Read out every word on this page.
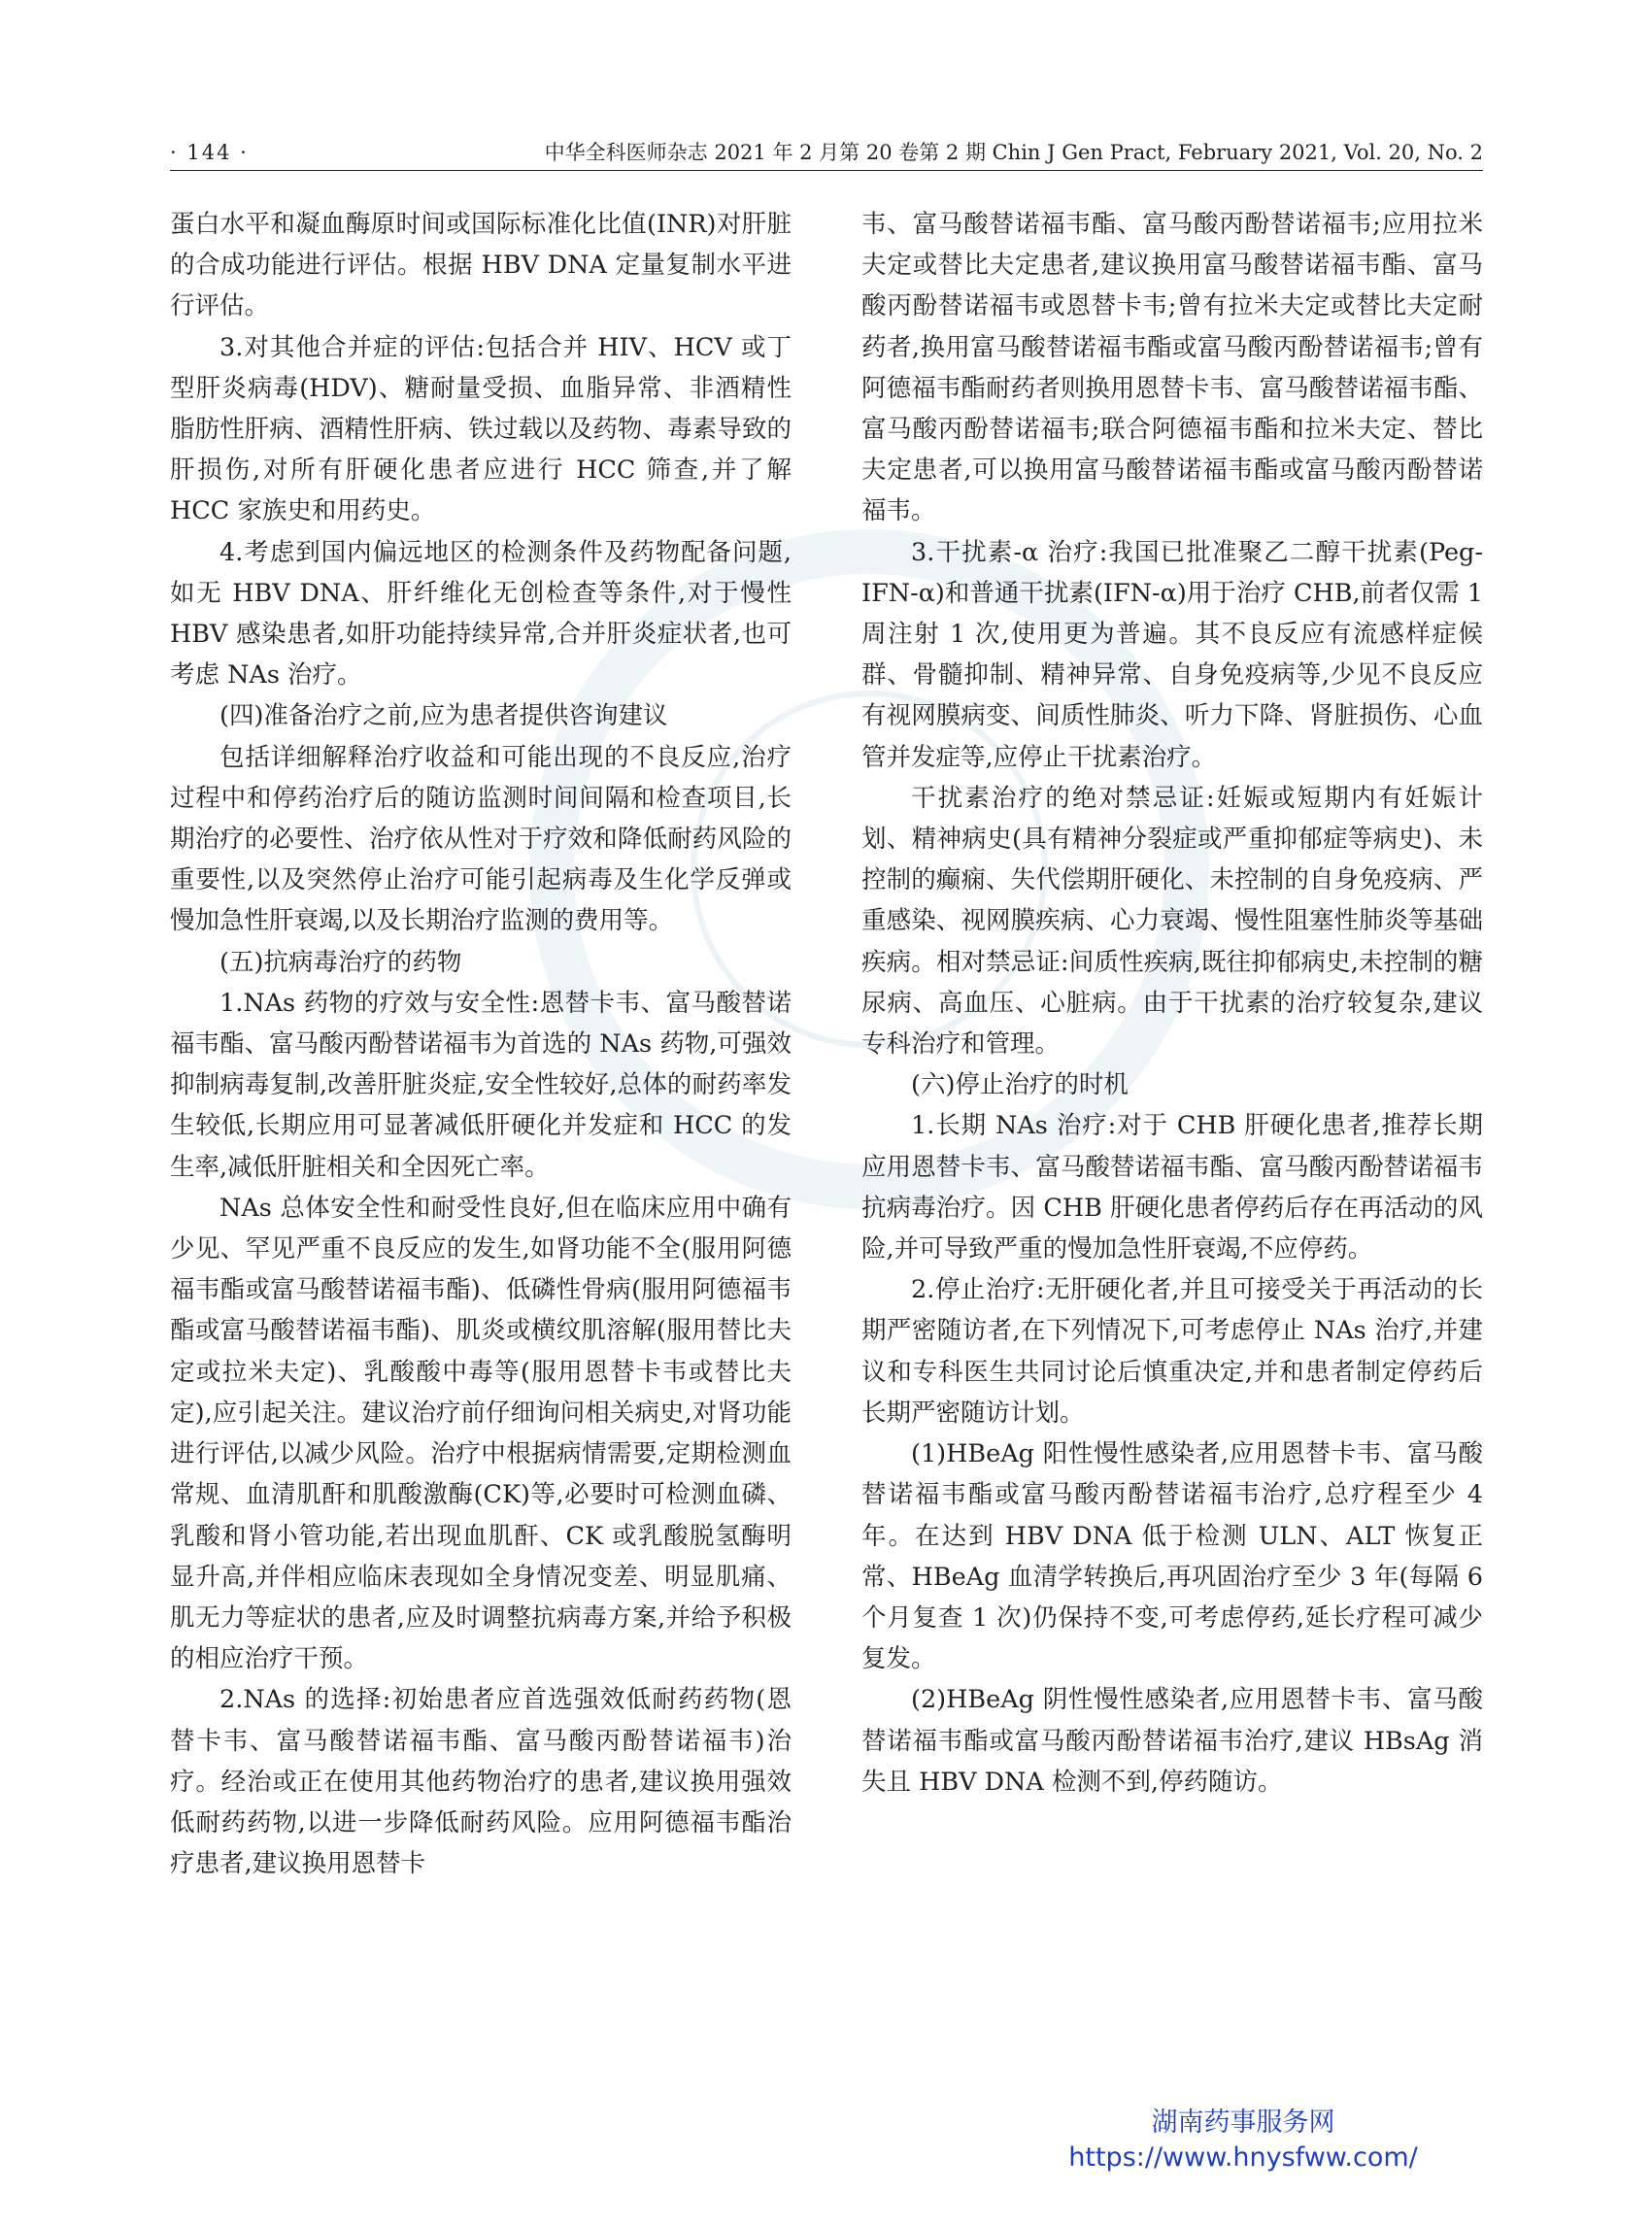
· 144 ·	中华全科医师杂志 2021 年 2 月第 20 卷第 2 期 Chin J Gen Pract, February 2021, Vol. 20, No. 2

蛋白水平和凝血酶原时间或国际标准化比值(INR)对肝脏的合成功能进行评估。根据 HBV DNA 定量复制水平进行评估。

3.对其他合并症的评估:包括合并 HIV、HCV 或丁型肝炎病毒(HDV)、糖耐量受损、血脂异常、非酒精性脂肪性肝病、酒精性肝病、铁过载以及药物、毒素导致的肝损伤,对所有肝硬化患者应进行 HCC 筛查,并了解 HCC 家族史和用药史。

4.考虑到国内偏远地区的检测条件及药物配备问题,如无 HBV DNA、肝纤维化无创检查等条件,对于慢性 HBV 感染患者,如肝功能持续异常,合并肝炎症状者,也可考虑 NAs 治疗。

(四)准备治疗之前,应为患者提供咨询建议

包括详细解释治疗收益和可能出现的不良反应,治疗过程中和停药治疗后的随访监测时间间隔和检查项目,长期治疗的必要性、治疗依从性对于疗效和降低耐药风险的重要性,以及突然停止治疗可能引起病毒及生化学反弹或慢加急性肝衰竭,以及长期治疗监测的费用等。

(五)抗病毒治疗的药物

1.NAs 药物的疗效与安全性:恩替卡韦、富马酸替诺福韦酯、富马酸丙酚替诺福韦为首选的 NAs 药物,可强效抑制病毒复制,改善肝脏炎症,安全性较好,总体的耐药率发生较低,长期应用可显著减低肝硬化并发症和 HCC 的发生率,减低肝脏相关和全因死亡率。

NAs 总体安全性和耐受性良好,但在临床应用中确有少见、罕见严重不良反应的发生,如肾功能不全(服用阿德福韦酯或富马酸替诺福韦酯)、低磷性骨病(服用阿德福韦酯或富马酸替诺福韦酯)、肌炎或横纹肌溶解(服用替比夫定或拉米夫定)、乳酸酸中毒等(服用恩替卡韦或替比夫定),应引起关注。建议治疗前仔细询问相关病史,对肾功能进行评估,以减少风险。治疗中根据病情需要,定期检测血常规、血清肌酐和肌酸激酶(CK)等,必要时可检测血磷、乳酸和肾小管功能,若出现血肌酐、CK 或乳酸脱氢酶明显升高,并伴相应临床表现如全身情况变差、明显肌痛、肌无力等症状的患者,应及时调整抗病毒方案,并给予积极的相应治疗干预。

2.NAs 的选择:初始患者应首选强效低耐药药物(恩替卡韦、富马酸替诺福韦酯、富马酸丙酚替诺福韦)治疗。经治或正在使用其他药物治疗的患者,建议换用强效低耐药药物,以进一步降低耐药风险。应用阿德福韦酯治疗患者,建议换用恩替卡

韦、富马酸替诺福韦酯、富马酸丙酚替诺福韦;应用拉米夫定或替比夫定患者,建议换用富马酸替诺福韦酯、富马酸丙酚替诺福韦或恩替卡韦;曾有拉米夫定或替比夫定耐药者,换用富马酸替诺福韦酯或富马酸丙酚替诺福韦;曾有阿德福韦酯耐药者则换用恩替卡韦、富马酸替诺福韦酯、富马酸丙酚替诺福韦;联合阿德福韦酯和拉米夫定、替比夫定患者,可以换用富马酸替诺福韦酯或富马酸丙酚替诺福韦。

3.干扰素-α 治疗:我国已批准聚乙二醇干扰素(Peg-IFN-α)和普通干扰素(IFN-α)用于治疗 CHB,前者仅需 1 周注射 1 次,使用更为普遍。其不良反应有流感样症候群、骨髓抑制、精神异常、自身免疫病等,少见不良反应有视网膜病变、间质性肺炎、听力下降、肾脏损伤、心血管并发症等,应停止干扰素治疗。

干扰素治疗的绝对禁忌证:妊娠或短期内有妊娠计划、精神病史(具有精神分裂症或严重抑郁症等病史)、未控制的癫痫、失代偿期肝硬化、未控制的自身免疫病、严重感染、视网膜疾病、心力衰竭、慢性阻塞性肺炎等基础疾病。相对禁忌证:间质性疾病,既往抑郁病史,未控制的糖尿病、高血压、心脏病。由于干扰素的治疗较复杂,建议专科治疗和管理。

(六)停止治疗的时机

1.长期 NAs 治疗:对于 CHB 肝硬化患者,推荐长期应用恩替卡韦、富马酸替诺福韦酯、富马酸丙酚替诺福韦抗病毒治疗。因 CHB 肝硬化患者停药后存在再活动的风险,并可导致严重的慢加急性肝衰竭,不应停药。

2.停止治疗:无肝硬化者,并且可接受关于再活动的长期严密随访者,在下列情况下,可考虑停止 NAs 治疗,并建议和专科医生共同讨论后慎重决定,并和患者制定停药后长期严密随访计划。

(1)HBeAg 阳性慢性感染者,应用恩替卡韦、富马酸替诺福韦酯或富马酸丙酚替诺福韦治疗,总疗程至少 4 年。在达到 HBV DNA 低于检测 ULN、ALT 恢复正常、HBeAg 血清学转换后,再巩固治疗至少 3 年(每隔 6 个月复查 1 次)仍保持不变,可考虑停药,延长疗程可减少复发。

(2)HBeAg 阴性慢性感染者,应用恩替卡韦、富马酸替诺福韦酯或富马酸丙酚替诺福韦治疗,建议 HBsAg 消失且 HBV DNA 检测不到,停药随访。

湖南药事服务网
https://www.hnysfww.com/
